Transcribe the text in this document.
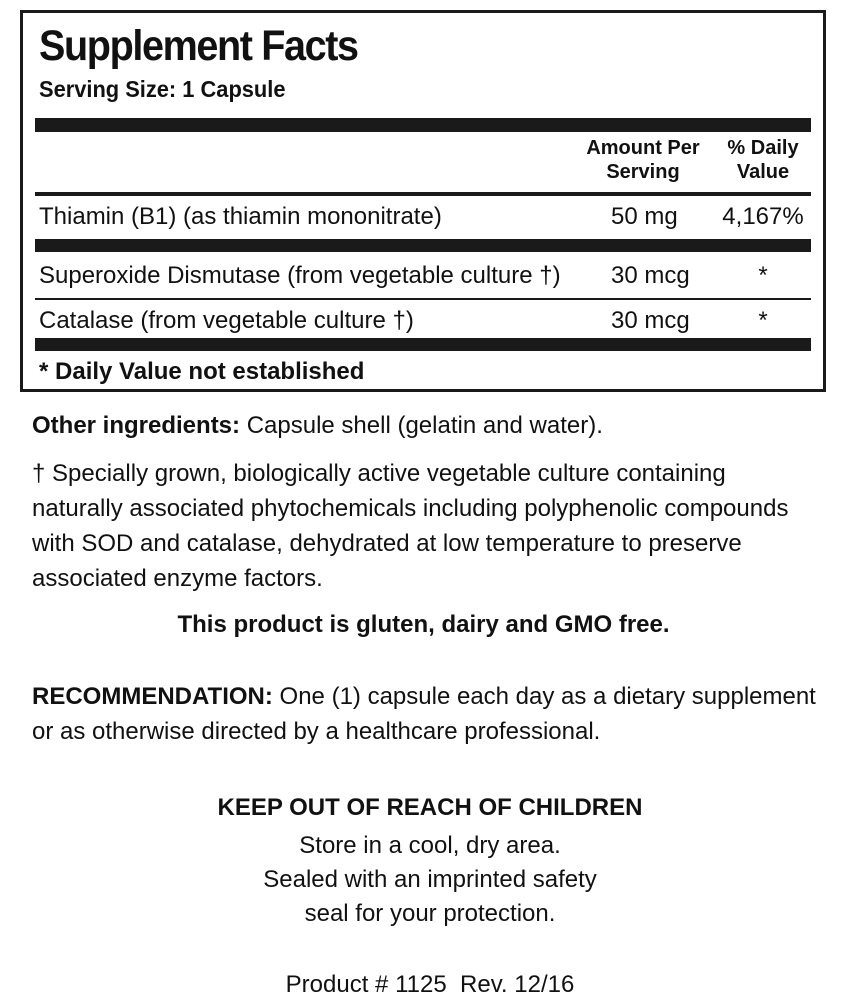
Supplement Facts
Serving Size: 1 Capsule
Amount Per
Serving
% Daily
Value
Thiamin (B1) (as thiamin mononitrate)	50 mg	4,167%
Superoxide Dismutase (from vegetable culture †) 30 mcg	*
Catalase (from vegetable culture †)	30 mcg	*
* Daily Value not established
Other ingredients: Capsule shell (gelatin and water).
† Specially grown, biologically active vegetable culture containing naturally associated phytochemicals including polyphenolic compounds with SOD and catalase, dehydrated at low temperature to preserve associated enzyme factors.
This product is gluten, dairy and GMO free.
RECOMMENDATION: One (1) capsule each day as a dietary supplement or as otherwise directed by a healthcare professional.
KEEP OUT OF REACH OF CHILDREN
Store in a cool, dry area.
Sealed with an imprinted safety
seal for your protection.
Product # 1125  Rev. 12/16
